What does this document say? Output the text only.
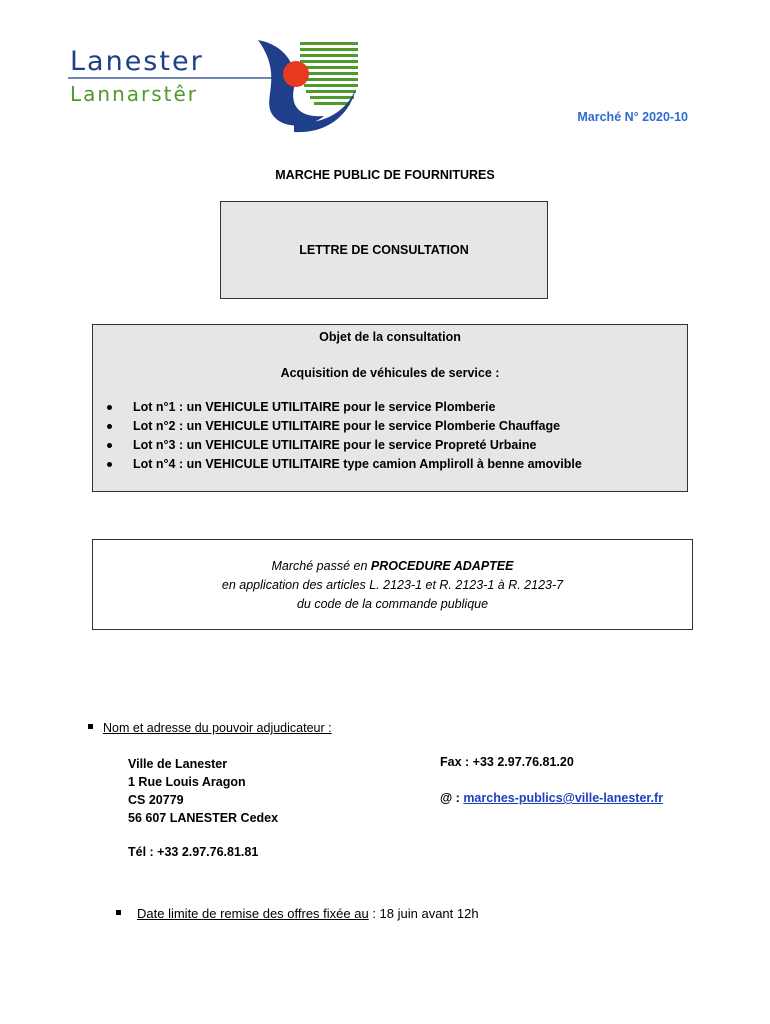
Lanester
Lannarstêr
Marché N° 2020-10
MARCHE PUBLIC DE FOURNITURES
LETTRE DE CONSULTATION
Objet de la consultation
Acquisition de véhicules de service :
Lot n°1 : un VEHICULE UTILITAIRE pour le service Plomberie
Lot n°2 : un VEHICULE UTILITAIRE pour le service Plomberie Chauffage
Lot n°3 : un VEHICULE UTILITAIRE pour le service Propreté Urbaine
Lot n°4 : un VEHICULE UTILITAIRE type camion Ampliroll à benne amovible
Marché passé en PROCEDURE ADAPTEE
en application des articles L. 2123-1 et R. 2123-1 à R. 2123-7
du code de la commande publique
Nom et adresse du pouvoir adjudicateur :
Ville de Lanester
1 Rue Louis Aragon
CS 20779
56 607 LANESTER Cedex
Fax : +33 2.97.76.81.20
@ : marches-publics@ville-lanester.fr
Tél : +33 2.97.76.81.81
Date limite de remise des offres fixée au : 18 juin avant 12h
